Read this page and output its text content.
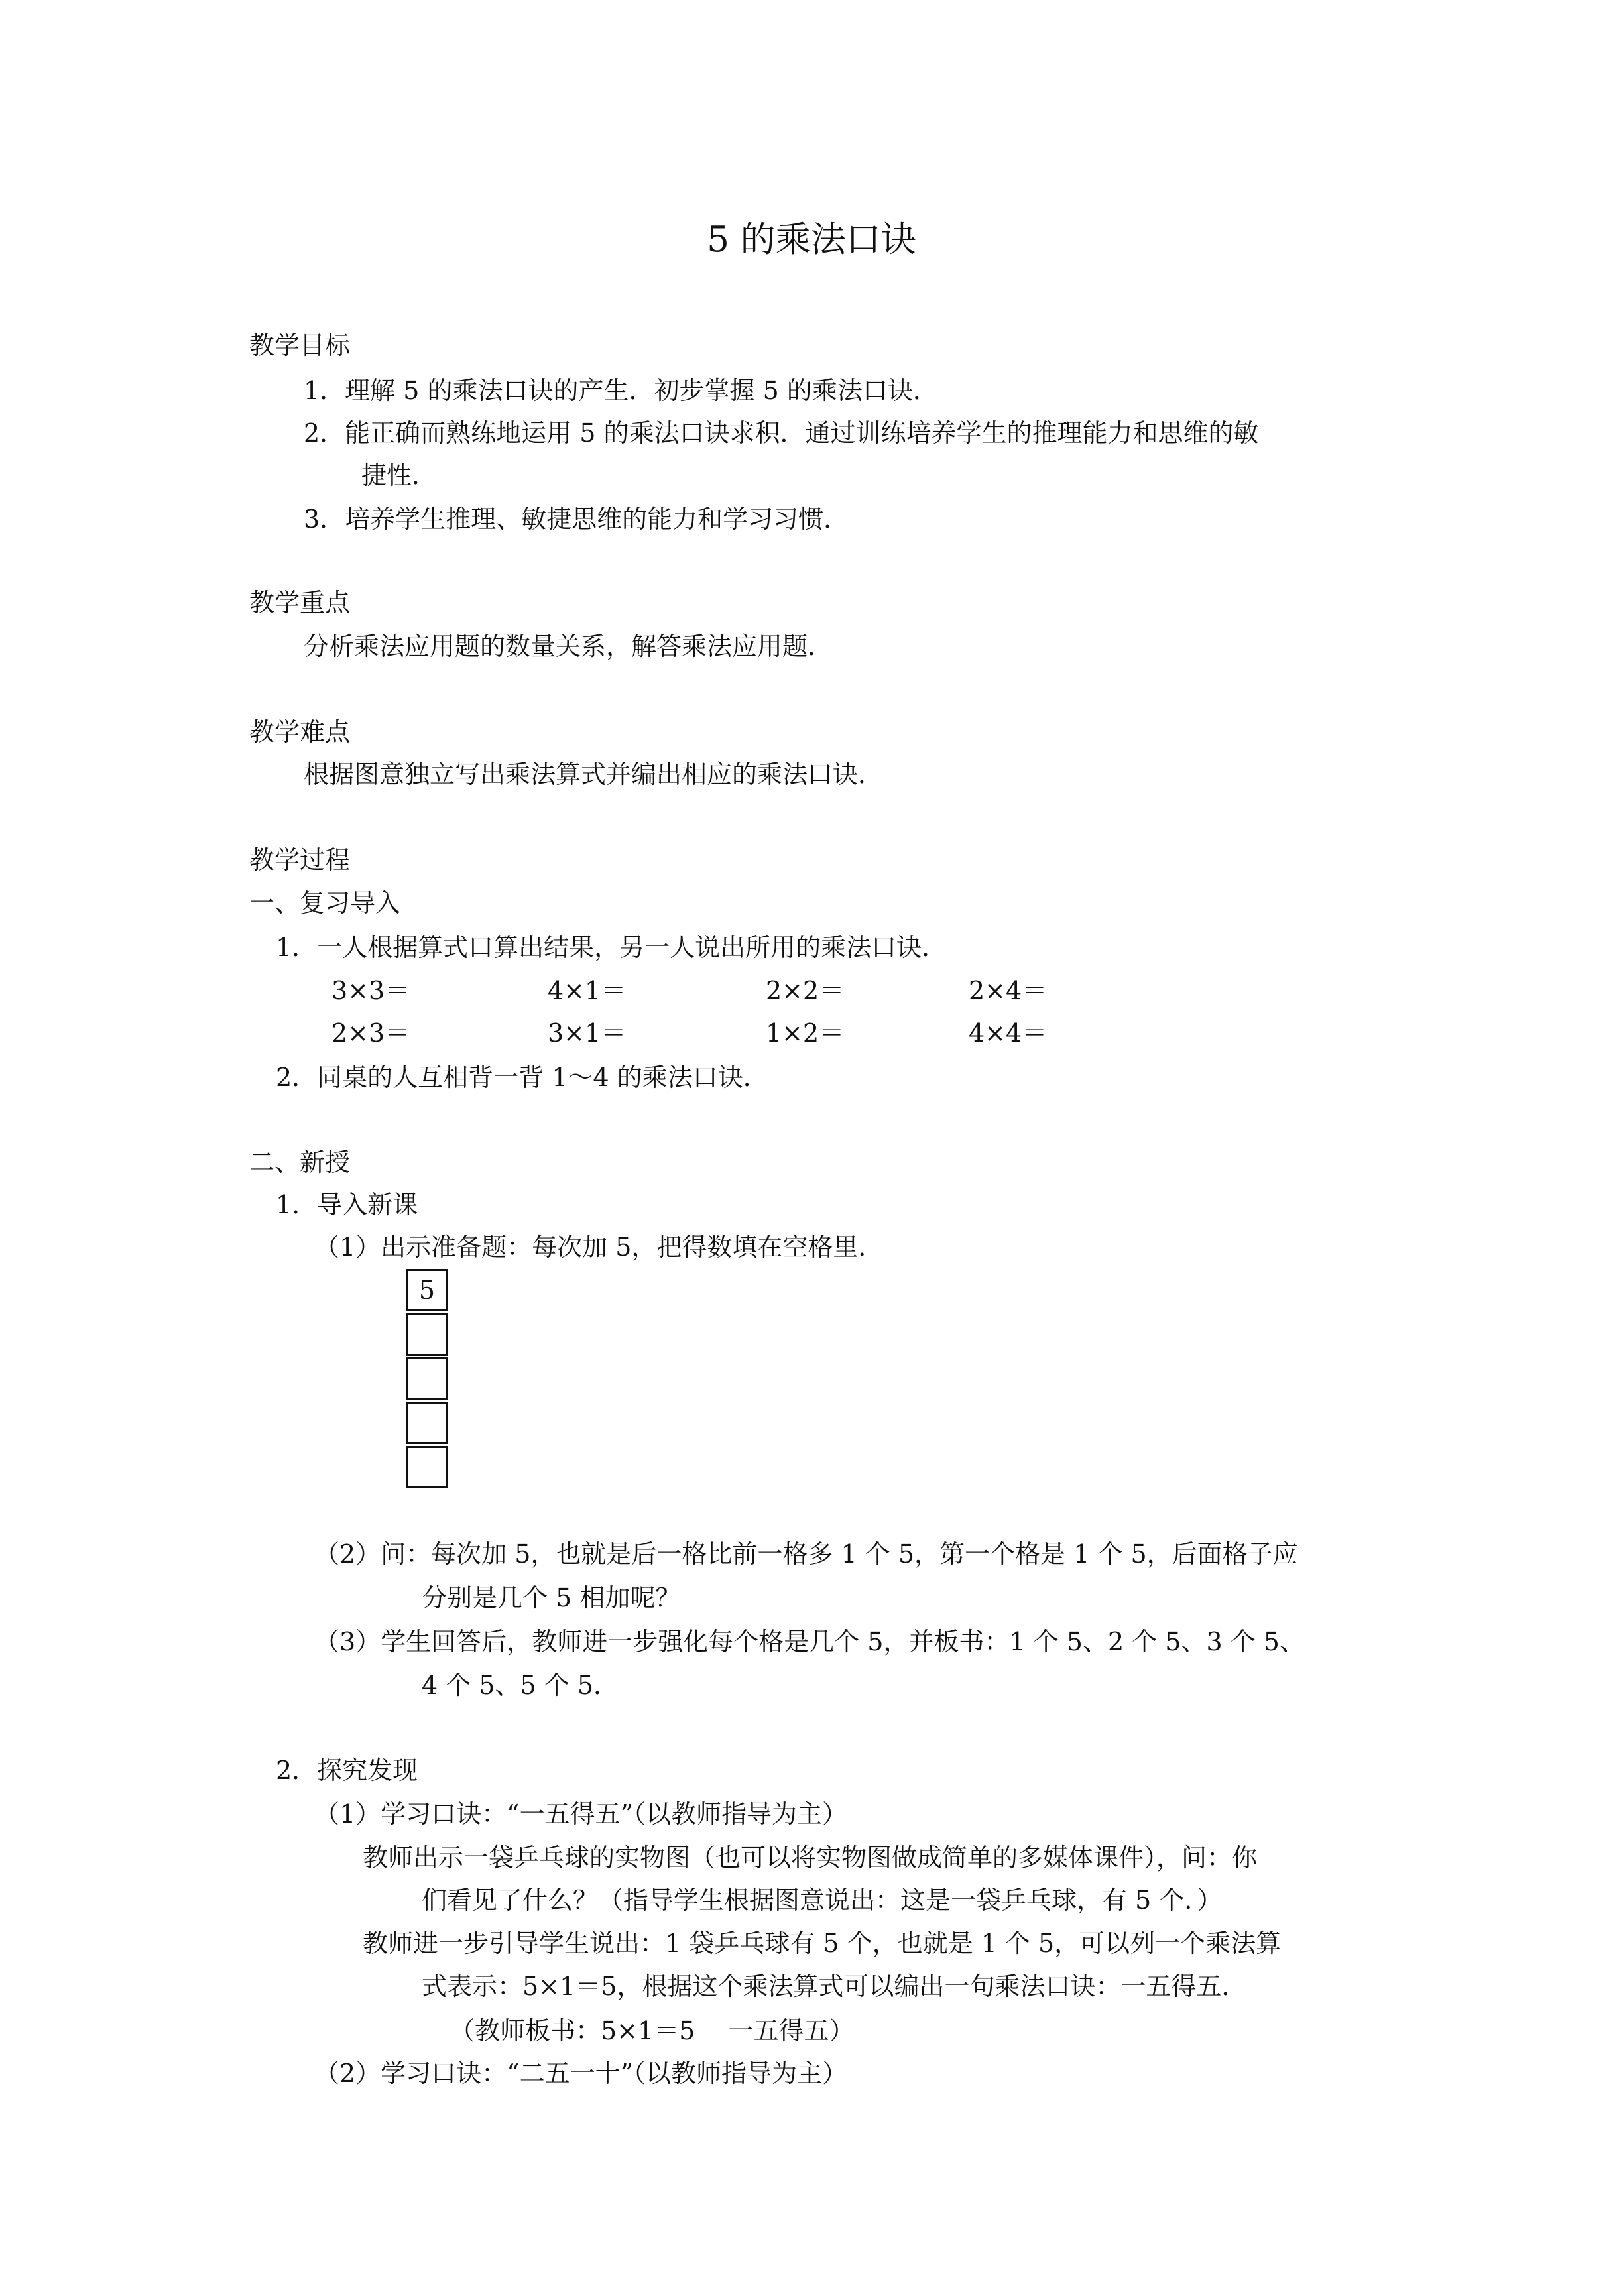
5 的乘法口诀
教学目标
1．理解 5 的乘法口诀的产生．初步掌握 5 的乘法口诀．
2．能正确而熟练地运用 5 的乘法口诀求积．通过训练培养学生的推理能力和思维的敏
捷性．
3．培养学生推理、敏捷思维的能力和学习习惯．
教学重点
分析乘法应用题的数量关系，解答乘法应用题．
教学难点
根据图意独立写出乘法算式并编出相应的乘法口诀．
教学过程
一、复习导入
1．一人根据算式口算出结果，另一人说出所用的乘法口诀．
3×3＝	4×1＝	2×2＝	2×4＝
2×3＝	3×1＝	1×2＝	4×4＝
2．同桌的人互相背一背 1～4 的乘法口诀．
二、新授
1．导入新课
（1）出示准备题：每次加 5，把得数填在空格里．
5
（2）问：每次加 5，也就是后一格比前一格多 1 个 5，第一个格是 1 个 5，后面格子应
分别是几个 5 相加呢？
（3）学生回答后，教师进一步强化每个格是几个 5，并板书：1 个 5、2 个 5、3 个 5、
4 个 5、5 个 5．
2．探究发现
（1）学习口诀：“一五得五”（以教师指导为主）
教师出示一袋乒乓球的实物图（也可以将实物图做成简单的多媒体课件），问：你
们看见了什么？（指导学生根据图意说出：这是一袋乒乓球，有 5 个．）
教师进一步引导学生说出：1 袋乒乓球有 5 个，也就是 1 个 5，可以列一个乘法算
式表示：5×1＝5，根据这个乘法算式可以编出一句乘法口诀：一五得五．
（教师板书：5×1＝5　 一五得五）
（2）学习口诀：“二五一十”（以教师指导为主）
